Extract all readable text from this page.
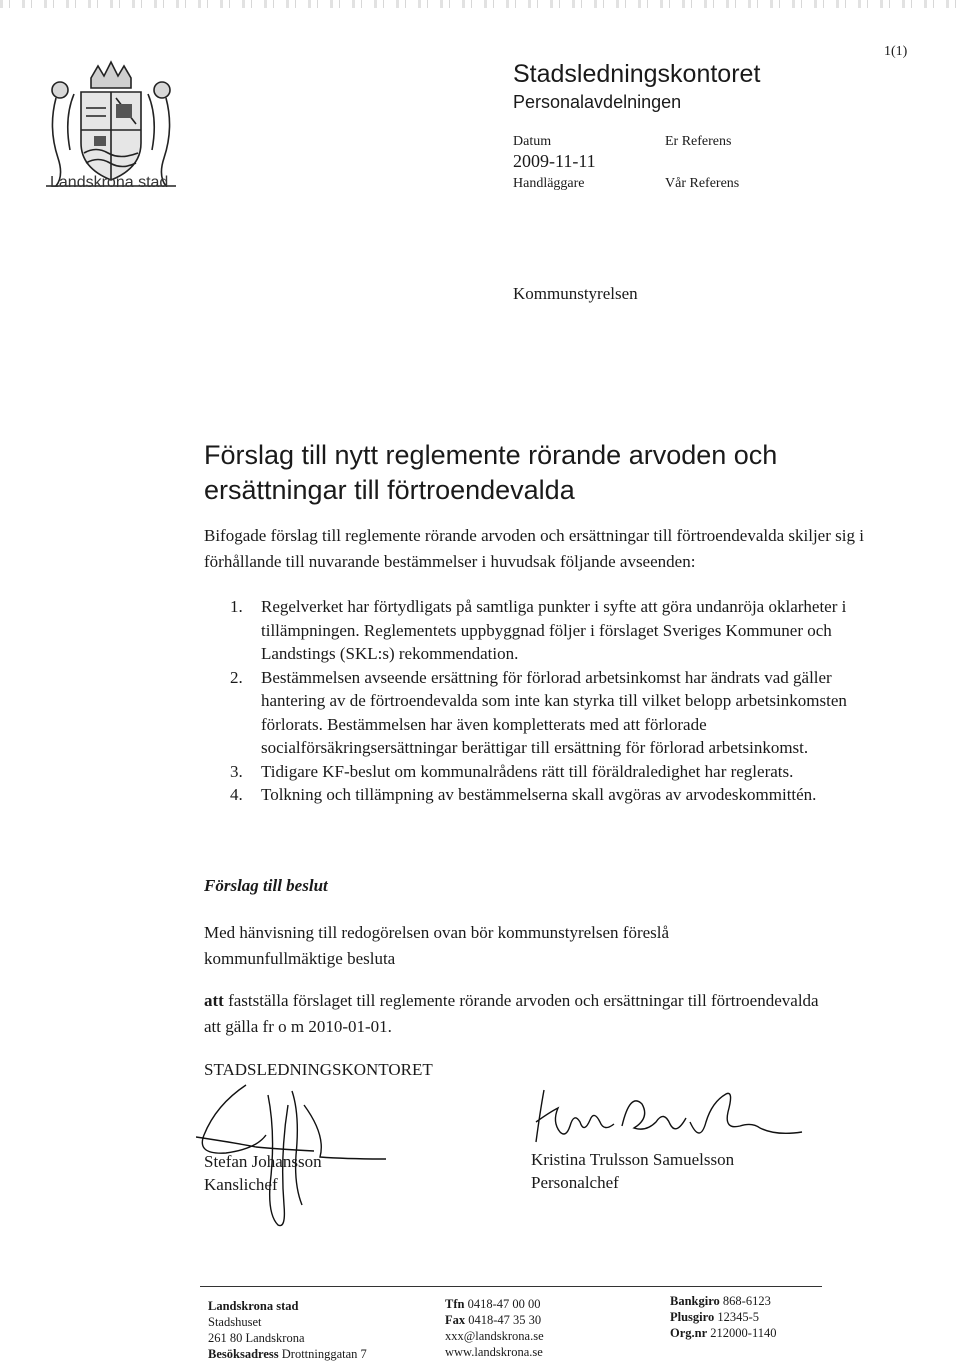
Landskrona stad
1(1)
Stadsledningskontoret
Personalavdelningen
Datum
2009-11-11
Handläggare
Er Referens
Vår Referens
Kommunstyrelsen
Förslag till nytt reglemente rörande arvoden och ersättningar till förtroendevalda
Bifogade förslag till reglemente rörande arvoden och ersättningar till förtroendevalda skiljer sig i förhållande till nuvarande bestämmelser i huvudsak följande avseenden:
1. Regelverket har förtydligats på samtliga punkter i syfte att göra undanröja oklarheter i tillämpningen. Reglementets uppbyggnad följer i förslaget Sveriges Kommuner och Landstings (SKL:s) rekommendation.
2. Bestämmelsen avseende ersättning för förlorad arbetsinkomst har ändrats vad gäller hantering av de förtroendevalda som inte kan styrka till vilket belopp arbetsinkomsten förlorats. Bestämmelsen har även kompletterats med att förlorade socialförsäkringsersättningar berättigar till ersättning för förlorad arbetsinkomst.
3. Tidigare KF-beslut om kommunalrådens rätt till föräldraledighet har reglerats.
4. Tolkning och tillämpning av bestämmelserna skall avgöras av arvodeskommittén.
Förslag till beslut
Med hänvisning till redogörelsen ovan bör kommunstyrelsen föreslå kommunfullmäktige besluta
att fastställa förslaget till reglemente rörande arvoden och ersättningar till förtroendevalda att gälla fr o m 2010-01-01.
STADSLEDNINGSKONTORET
Stefan Johansson
Kanslichef
Kristina Trulsson Samuelsson
Personalchef
Landskrona stad
Stadshuset
261 80 Landskrona
Besöksadress Drottninggatan 7
Tfn 0418-47 00 00
Fax 0418-47 35 30
xxx@landskrona.se
www.landskrona.se
Bankgiro 868-6123
Plusgiro 12345-5
Org.nr 212000-1140
